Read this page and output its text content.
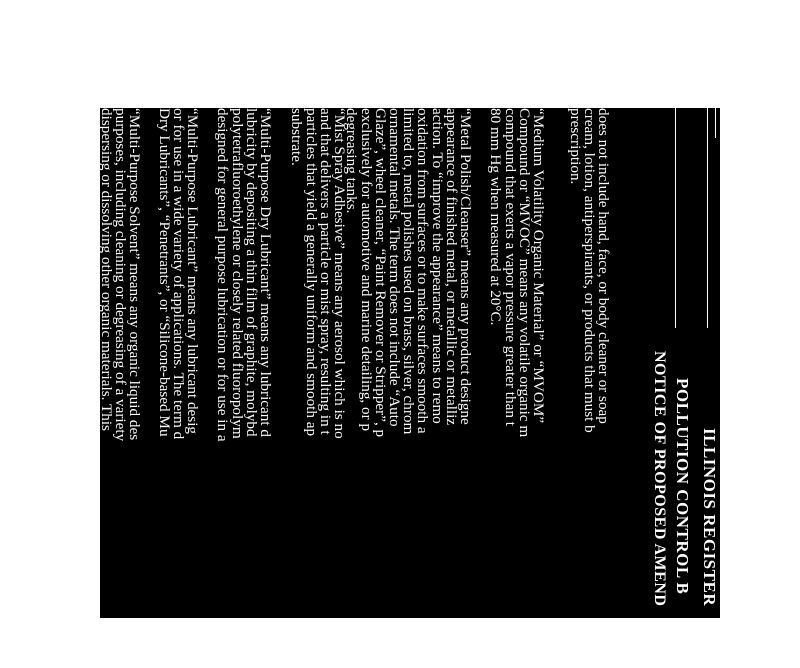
ILLINOIS REGISTER
POLLUTION CONTROL B
NOTICE OF PROPOSED AMEND
does not include hand, face, or body cleaner or soap
cream, lotion, antiperspirants, or products that must b
prescription.
“Medium Volatility Organic Material” or “MVOM”
Compound or “MVOC” means any volatile organic m
compound that exerts a vapor pressure greater than t
80 mm Hg when measured at 20°C.
“Metal Polish/Cleanser” means any product designe
appearance of finished metal, or metallic or metalliz
action. To “improve the appearance” means to remo
oxidation from surfaces or to make surfaces smooth a
limited to, metal polishes used on brass, silver, chrom
ornamental metals. The term does not include “Auto
Glaze”, wheel cleaner, “Paint Remover or Stripper”, p
exclusively for automotive and marine detailing, or p
degreasing tanks.
“Mist Spray Adhesive” means any aerosol which is no
and that delivers a particle or mist spray, resulting in t
particles that yield a generally uniform and smooth ap
substrate.
“Multi-Purpose Dry Lubricant” means any lubricant d
lubricity by depositing a thin film of graphite, molybd
polytetrafluoroethylene or closely related fluoropolym
designed for general purpose lubrication or for use in a
“Multi-Purpose Lubricant” means any lubricant desig
or for use in a wide variety of applications. The term d
Dry Lubricants”, “Penetrants”, or “Silicone-based Mu
“Multi-Purpose Solvent” means any organic liquid des
purposes, including cleaning or degreasing of a variety
dispersing or dissolving other organic materials. This
institutional facilities, except for laboratory reagents us
research, scientific or other laboratories. This does not
sealers, vapor degreasers, conveyorized degreasers or
solvents that are incorporated into, or used exclusively
